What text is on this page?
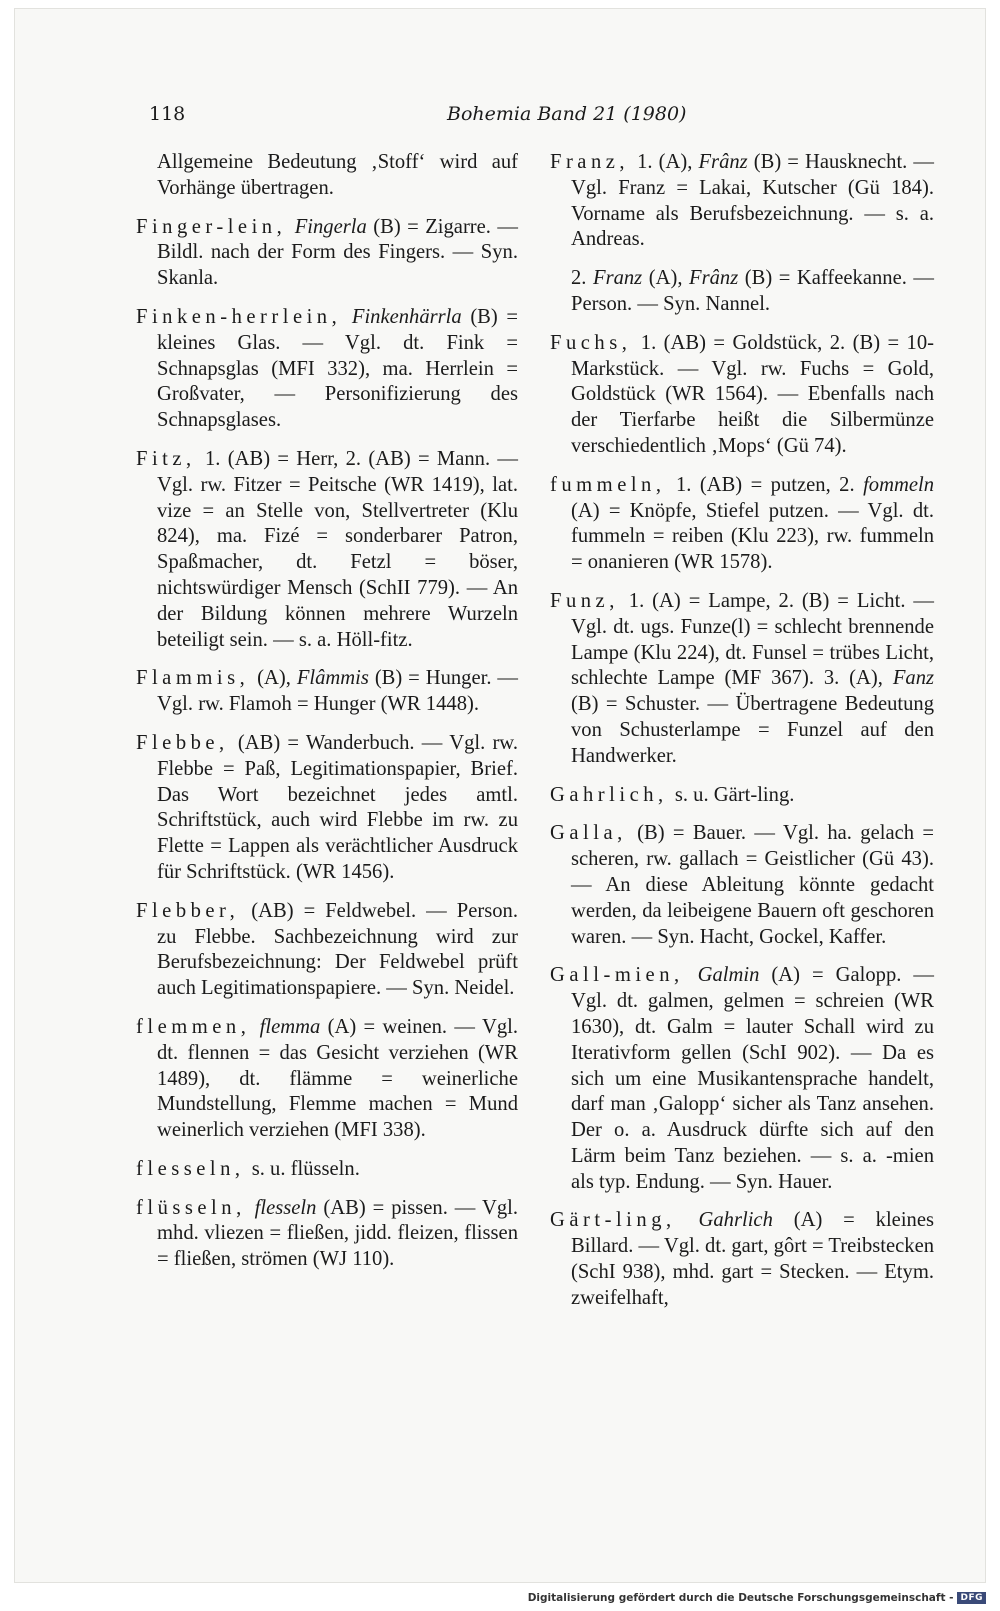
118	Bohemia Band 21 (1980)

Allgemeine Bedeutung ‚Stoff‘ wird auf Vorhänge übertragen.

Finger-lein, Fingerla (B) = Zigarre. — Bildl. nach der Form des Fingers. — Syn. Skanla.

Finken-herrlein, Finkenhärrla (B) = kleines Glas. — Vgl. dt. Fink = Schnapsglas (MFI 332), ma. Herrlein = Großvater, — Personifizierung des Schnapsglases.

Fitz, 1. (AB) = Herr, 2. (AB) = Mann. — Vgl. rw. Fitzer = Peitsche (WR 1419), lat. vize = an Stelle von, Stellvertreter (Klu 824), ma. Fizé = sonderbarer Patron, Spaßmacher, dt. Fetzl = böser, nichtswürdiger Mensch (SchII 779). — An der Bildung können mehrere Wurzeln beteiligt sein. — s. a. Höll-fitz.

Flammis, (A), Flâmmis (B) = Hunger. — Vgl. rw. Flamoh = Hunger (WR 1448).

Flebbe, (AB) = Wanderbuch. — Vgl. rw. Flebbe = Paß, Legitimationspapier, Brief. Das Wort bezeichnet jedes amtl. Schriftstück, auch wird Flebbe im rw. zu Flette = Lappen als verächtlicher Ausdruck für Schriftstück. (WR 1456).

Flebber, (AB) = Feldwebel. — Person. zu Flebbe. Sachbezeichnung wird zur Berufsbezeichnung: Der Feldwebel prüft auch Legitimationspapiere. — Syn. Neidel.

flemmen, flemma (A) = weinen. — Vgl. dt. flennen = das Gesicht verziehen (WR 1489), dt. flämme = weinerliche Mundstellung, Flemme machen = Mund weinerlich verziehen (MFI 338).

flesseln, s. u. flüsseln.

flüsseln, flesseln (AB) = pissen. — Vgl. mhd. vliezen = fließen, jidd. fleizen, flissen = fließen, strömen (WJ 110).

Franz, 1. (A), Frânz (B) = Hausknecht. — Vgl. Franz = Lakai, Kutscher (Gü 184). Vorname als Berufsbezeichnung. — s. a. Andreas.

2. Franz (A), Frânz (B) = Kaffeekanne. — Person. — Syn. Nannel.

Fuchs, 1. (AB) = Goldstück, 2. (B) = 10-Markstück. — Vgl. rw. Fuchs = Gold, Goldstück (WR 1564). — Ebenfalls nach der Tierfarbe heißt die Silbermünze verschiedentlich ‚Mops‘ (Gü 74).

fummeln, 1. (AB) = putzen, 2. fommeln (A) = Knöpfe, Stiefel putzen. — Vgl. dt. fummeln = reiben (Klu 223), rw. fummeln = onanieren (WR 1578).

Funz, 1. (A) = Lampe, 2. (B) = Licht. — Vgl. dt. ugs. Funze(l) = schlecht brennende Lampe (Klu 224), dt. Funsel = trübes Licht, schlechte Lampe (MF 367). 3. (A), Fanz (B) = Schuster. — Übertragene Bedeutung von Schusterlampe = Funzel auf den Handwerker.

Gahrlich, s. u. Gärt-ling.

Galla, (B) = Bauer. — Vgl. ha. gelach = scheren, rw. gallach = Geistlicher (Gü 43). — An diese Ableitung könnte gedacht werden, da leibeigene Bauern oft geschoren waren. — Syn. Hacht, Gockel, Kaffer.

Gall-mien, Galmin (A) = Galopp. — Vgl. dt. galmen, gelmen = schreien (WR 1630), dt. Galm = lauter Schall wird zu Iterativform gellen (SchI 902). — Da es sich um eine Musikantensprache handelt, darf man ‚Galopp‘ sicher als Tanz ansehen. Der o. a. Ausdruck dürfte sich auf den Lärm beim Tanz beziehen. — s. a. -mien als typ. Endung. — Syn. Hauer.

Gärt-ling, Gahrlich (A) = kleines Billard. — Vgl. dt. gart, gôrt = Treibstecken (SchI 938), mhd. gart = Stecken. — Etym. zweifelhaft,

Digitalisierung gefördert durch die Deutsche Forschungsgemeinschaft - DFG
